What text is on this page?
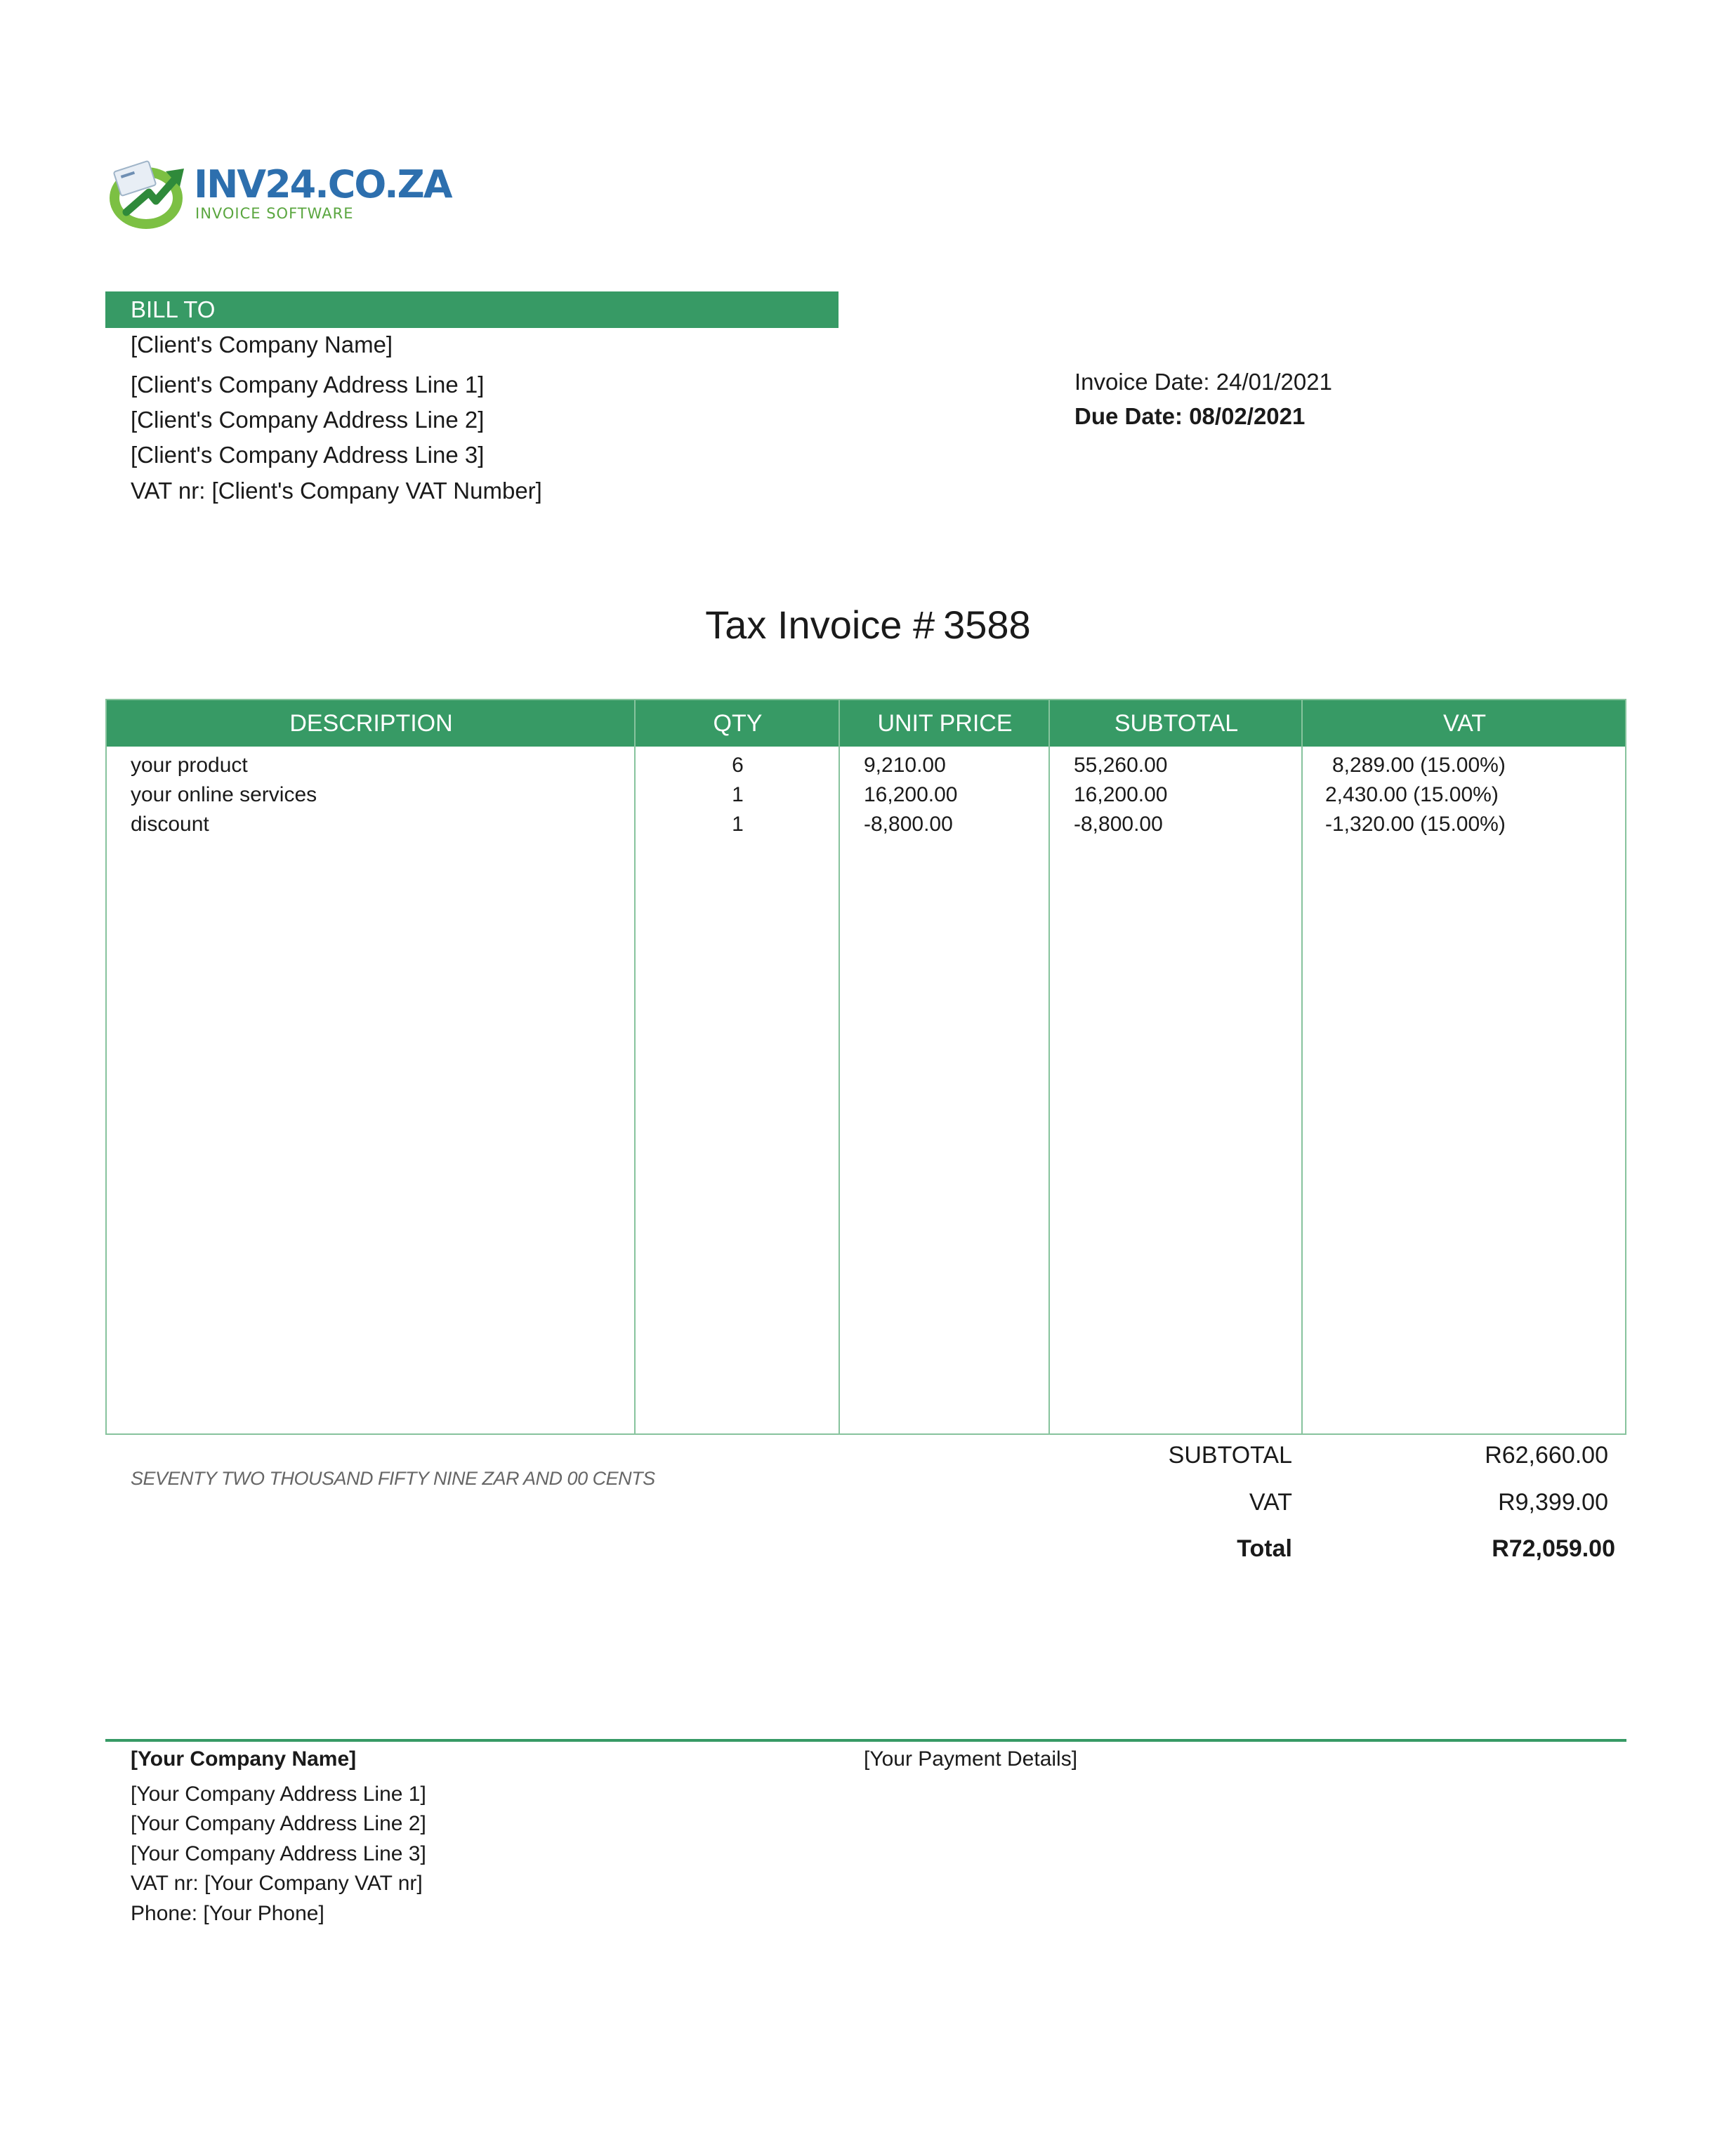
INV24.CO.ZA
INVOICE SOFTWARE
BILL TO
[Client's Company Name]
[Client's Company Address Line 1]
[Client's Company Address Line 2]
[Client's Company Address Line 3]
VAT nr: [Client's Company VAT Number]
Invoice Date: 24/01/2021
Due Date: 08/02/2021
Tax Invoice # 3588
DESCRIPTION	QTY	UNIT PRICE	SUBTOTAL	VAT
your product	6	9,210.00	55,260.00	8,289.00 (15.00%)
your online services	1	16,200.00	16,200.00	2,430.00 (15.00%)
discount	1	-8,800.00	-8,800.00	-1,320.00 (15.00%)
SEVENTY TWO THOUSAND FIFTY NINE ZAR AND 00 CENTS
SUBTOTAL	R62,660.00
VAT	R9,399.00
Total	R72,059.00
[Your Company Name]
[Your Company Address Line 1]
[Your Company Address Line 2]
[Your Company Address Line 3]
VAT nr: [Your Company VAT nr]
Phone: [Your Phone]
[Your Payment Details]
